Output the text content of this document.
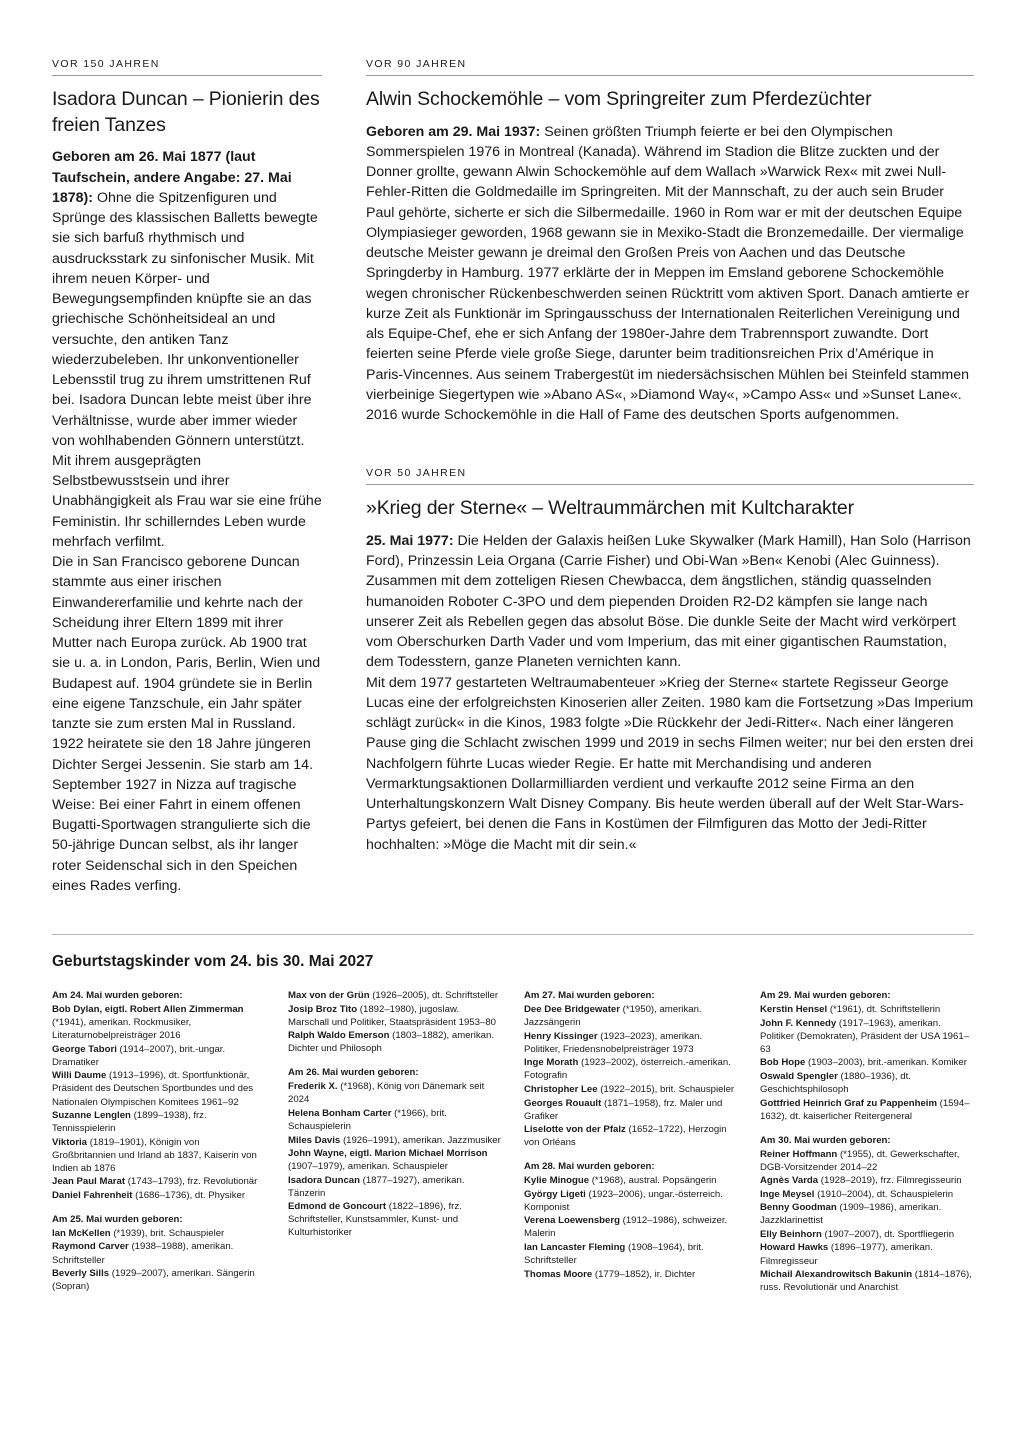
VOR 150 JAHREN
Isadora Duncan – Pionierin des freien Tanzes

Geboren am 26. Mai 1877 (laut Taufschein, andere Angabe: 27. Mai 1878): Ohne die Spitzenfiguren und Sprünge des klassischen Balletts bewegte sie sich barfuß rhythmisch und ausdrucksstark zu sinfonischer Musik. Mit ihrem neuen Körper- und Bewegungsempfinden knüpfte sie an das griechische Schönheitsideal an und versuchte, den antiken Tanz wiederzubeleben. Ihr unkonventioneller Lebensstil trug zu ihrem umstrittenen Ruf bei. Isadora Duncan lebte meist über ihre Verhältnisse, wurde aber immer wieder von wohlhabenden Gönnern unterstützt. Mit ihrem ausgeprägten Selbstbewusstsein und ihrer Unabhängigkeit als Frau war sie eine frühe Feministin. Ihr schillerndes Leben wurde mehrfach verfilmt.

Die in San Francisco geborene Duncan stammte aus einer irischen Einwandererfamilie und kehrte nach der Scheidung ihrer Eltern 1899 mit ihrer Mutter nach Europa zurück. Ab 1900 trat sie u. a. in London, Paris, Berlin, Wien und Budapest auf. 1904 gründete sie in Berlin eine eigene Tanzschule, ein Jahr später tanzte sie zum ersten Mal in Russland. 1922 heiratete sie den 18 Jahre jüngeren Dichter Sergei Jessenin. Sie starb am 14. September 1927 in Nizza auf tragische Weise: Bei einer Fahrt in einem offenen Bugatti-Sportwagen strangulierte sich die 50-jährige Duncan selbst, als ihr langer roter Seidenschal sich in den Speichen eines Rades verfing.

VOR 90 JAHREN
Alwin Schockemöhle – vom Springreiter zum Pferdezüchter

Geboren am 29. Mai 1937: Seinen größten Triumph feierte er bei den Olympischen Sommerspielen 1976 in Montreal (Kanada). Während im Stadion die Blitze zuckten und der Donner grollte, gewann Alwin Schockemöhle auf dem Wallach »Warwick Rex« mit zwei Null-Fehler-Ritten die Goldmedaille im Springreiten. Mit der Mannschaft, zu der auch sein Bruder Paul gehörte, sicherte er sich die Silbermedaille. 1960 in Rom war er mit der deutschen Equipe Olympiasieger geworden, 1968 gewann sie in Mexiko-Stadt die Bronzemedaille. Der viermalige deutsche Meister gewann je dreimal den Großen Preis von Aachen und das Deutsche Springderby in Hamburg. 1977 erklärte der in Meppen im Emsland geborene Schockemöhle wegen chronischer Rückenbeschwerden seinen Rücktritt vom aktiven Sport. Danach amtierte er kurze Zeit als Funktionär im Springausschuss der Internationalen Reiterlichen Vereinigung und als Equipe-Chef, ehe er sich Anfang der 1980er-Jahre dem Trabrennsport zuwandte. Dort feierten seine Pferde viele große Siege, darunter beim traditionsreichen Prix d’Amérique in Paris-Vincennes. Aus seinem Trabergestüt im niedersächsischen Mühlen bei Steinfeld stammen vierbeinige Siegertypen wie »Abano AS«, »Diamond Way«, »Campo Ass« und »Sunset Lane«. 2016 wurde Schockemöhle in die Hall of Fame des deutschen Sports aufgenommen.

VOR 50 JAHREN
»Krieg der Sterne« – Weltraummärchen mit Kultcharakter

25. Mai 1977: Die Helden der Galaxis heißen Luke Skywalker (Mark Hamill), Han Solo (Harrison Ford), Prinzessin Leia Organa (Carrie Fisher) und Obi-Wan »Ben« Kenobi (Alec Guinness). Zusammen mit dem zotteligen Riesen Chewbacca, dem ängstlichen, ständig quasselnden humanoiden Roboter C-3PO und dem piependen Droiden R2-D2 kämpfen sie lange nach unserer Zeit als Rebellen gegen das absolut Böse. Die dunkle Seite der Macht wird verkörpert vom Oberschurken Darth Vader und vom Imperium, das mit einer gigantischen Raumstation, dem Todesstern, ganze Planeten vernichten kann.

Mit dem 1977 gestarteten Weltraumabenteuer »Krieg der Sterne« startete Regisseur George Lucas eine der erfolgreichsten Kinoserien aller Zeiten. 1980 kam die Fortsetzung »Das Imperium schlägt zurück« in die Kinos, 1983 folgte »Die Rückkehr der Jedi-Ritter«. Nach einer längeren Pause ging die Schlacht zwischen 1999 und 2019 in sechs Filmen weiter; nur bei den ersten drei Nachfolgern führte Lucas wieder Regie. Er hatte mit Merchandising und anderen Vermarktungsaktionen Dollarmilliarden verdient und verkaufte 2012 seine Firma an den Unterhaltungskonzern Walt Disney Company. Bis heute werden überall auf der Welt Star-Wars-Partys gefeiert, bei denen die Fans in Kostümen der Filmfiguren das Motto der Jedi-Ritter hochhalten: »Möge die Macht mit dir sein.«

Geburtstagskinder vom 24. bis 30. Mai 2027
Am 24. Mai wurden geboren:
Bob Dylan, eigtl. Robert Allen Zimmerman (*1941), amerikan. Rockmusiker, Literaturnobelpreisträger 2016
George Tabori (1914–2007), brit.-ungar. Dramatiker
Willi Daume (1913–1996), dt. Sportfunktionär, Präsident des Deutschen Sportbundes und des Nationalen Olympischen Komitees 1961–92
Suzanne Lenglen (1899–1938), frz. Tennisspielerin
Viktoria (1819–1901), Königin von Großbritannien und Irland ab 1837, Kaiserin von Indien ab 1876
Jean Paul Marat (1743–1793), frz. Revolutionär
Daniel Fahrenheit (1686–1736), dt. Physiker
Am 25. Mai wurden geboren:
Ian McKellen (*1939), brit. Schauspieler
Raymond Carver (1938–1988), amerikan. Schriftsteller
Beverly Sills (1929–2007), amerikan. Sängerin (Sopran)
Max von der Grün (1926–2005), dt. Schriftsteller
Josip Broz Tito (1892–1980), jugoslaw. Marschall und Politiker, Staatspräsident 1953–80
Ralph Waldo Emerson (1803–1882), amerikan. Dichter und Philosoph
Am 26. Mai wurden geboren:
Frederik X. (*1968), König von Dänemark seit 2024
Helena Bonham Carter (*1966), brit. Schauspielerin
Miles Davis (1926–1991), amerikan. Jazzmusiker
John Wayne, eigtl. Marion Michael Morrison (1907–1979), amerikan. Schauspieler
Isadora Duncan (1877–1927), amerikan. Tänzerin
Edmond de Goncourt (1822–1896), frz. Schriftsteller, Kunstsammler, Kunst- und Kulturhistoriker
Am 27. Mai wurden geboren:
Dee Dee Bridgewater (*1950), amerikan. Jazzsängerin
Henry Kissinger (1923–2023), amerikan. Politiker, Friedensnobelpreisträger 1973
Inge Morath (1923–2002), österreich.-amerikan. Fotografin
Christopher Lee (1922–2015), brit. Schauspieler
Georges Rouault (1871–1958), frz. Maler und Grafiker
Liselotte von der Pfalz (1652–1722), Herzogin von Orléans
Am 28. Mai wurden geboren:
Kylie Minogue (*1968), austral. Popsängerin
György Ligeti (1923–2006), ungar.-österreich. Komponist
Verena Loewensberg (1912–1986), schweizer. Malerin
Ian Lancaster Fleming (1908–1964), brit. Schriftsteller
Thomas Moore (1779–1852), ir. Dichter
Am 29. Mai wurden geboren:
Kerstin Hensel (*1961), dt. Schriftstellerin
John F. Kennedy (1917–1963), amerikan. Politiker (Demokraten), Präsident der USA 1961–63
Bob Hope (1903–2003), brit.-amerikan. Komiker
Oswald Spengler (1880–1936), dt. Geschichtsphilosoph
Gottfried Heinrich Graf zu Pappenheim (1594–1632), dt. kaiserlicher Reitergeneral
Am 30. Mai wurden geboren:
Reiner Hoffmann (*1955), dt. Gewerkschafter, DGB-Vorsitzender 2014–22
Agnès Varda (1928–2019), frz. Filmregisseurin
Inge Meysel (1910–2004), dt. Schauspielerin
Benny Goodman (1909–1986), amerikan. Jazzklarinettist
Elly Beinhorn (1907–2007), dt. Sportfliegerin
Howard Hawks (1896–1977), amerikan. Filmregisseur
Michail Alexandrowitsch Bakunin (1814–1876), russ. Revolutionär und Anarchist
